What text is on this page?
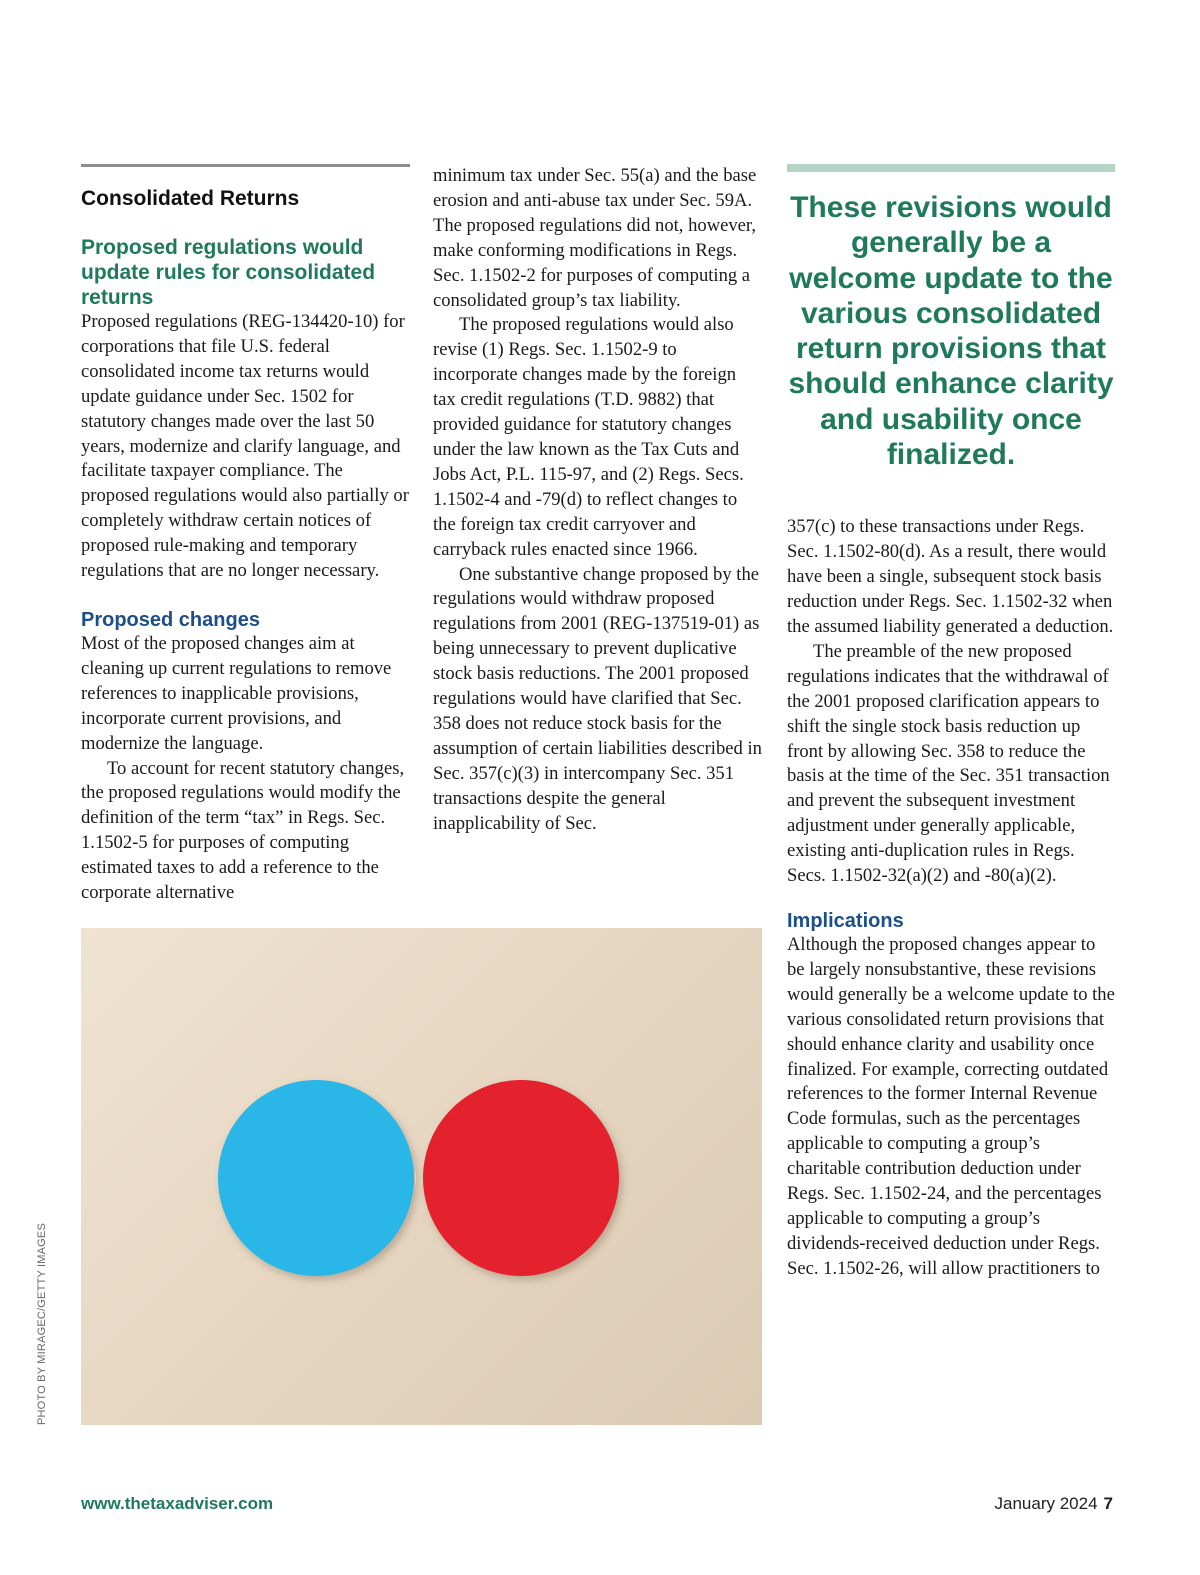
Consolidated Returns
Proposed regulations would update rules for consolidated returns

Proposed regulations (REG-134420-10) for corporations that file U.S. federal consolidated income tax returns would update guidance under Sec. 1502 for statutory changes made over the last 50 years, modernize and clarify language, and facilitate taxpayer compliance. The proposed regulations would also partially or completely withdraw certain notices of proposed rule-making and temporary regulations that are no longer necessary.

Proposed changes

Most of the proposed changes aim at cleaning up current regulations to remove references to inapplicable provisions, incorporate current provisions, and modernize the language.

To account for recent statutory changes, the proposed regulations would modify the definition of the term “tax” in Regs. Sec. 1.1502-5 for purposes of computing estimated taxes to add a reference to the corporate alternative

minimum tax under Sec. 55(a) and the base erosion and anti-abuse tax under Sec. 59A. The proposed regulations did not, however, make conforming modifications in Regs. Sec. 1.1502-2 for purposes of computing a consolidated group’s tax liability.

The proposed regulations would also revise (1) Regs. Sec. 1.1502-9 to incorporate changes made by the foreign tax credit regulations (T.D. 9882) that provided guidance for statutory changes under the law known as the Tax Cuts and Jobs Act, P.L. 115-97, and (2) Regs. Secs. 1.1502-4 and -79(d) to reflect changes to the foreign tax credit carryover and carryback rules enacted since 1966.

One substantive change proposed by the regulations would withdraw proposed regulations from 2001 (REG-137519-01) as being unnecessary to prevent duplicative stock basis reductions. The 2001 proposed regulations would have clarified that Sec. 358 does not reduce stock basis for the assumption of certain liabilities described in Sec. 357(c)(3) in intercompany Sec. 351 transactions despite the general inapplicability of Sec.

These revisions would generally be a welcome update to the various consolidated return provisions that should enhance clarity and usability once finalized.

357(c) to these transactions under Regs. Sec. 1.1502-80(d). As a result, there would have been a single, subsequent stock basis reduction under Regs. Sec. 1.1502-32 when the assumed liability generated a deduction.

The preamble of the new proposed regulations indicates that the withdrawal of the 2001 proposed clarification appears to shift the single stock basis reduction up front by allowing Sec. 358 to reduce the basis at the time of the Sec. 351 transaction and prevent the subsequent investment adjustment under generally applicable, existing anti-duplication rules in Regs. Secs. 1.1502-32(a)(2) and -80(a)(2).

Implications

Although the proposed changes appear to be largely nonsubstantive, these revisions would generally be a welcome update to the various consolidated return provisions that should enhance clarity and usability once finalized. For example, correcting outdated references to the former Internal Revenue Code formulas, such as the percentages applicable to computing a group’s charitable contribution deduction under Regs. Sec. 1.1502-24, and the percentages applicable to computing a group’s dividends-received deduction under Regs. Sec. 1.1502-26, will allow practitioners to

PHOTO BY MIRAGEC/GETTY IMAGES
www.thetaxadviser.com	January 2024 7
